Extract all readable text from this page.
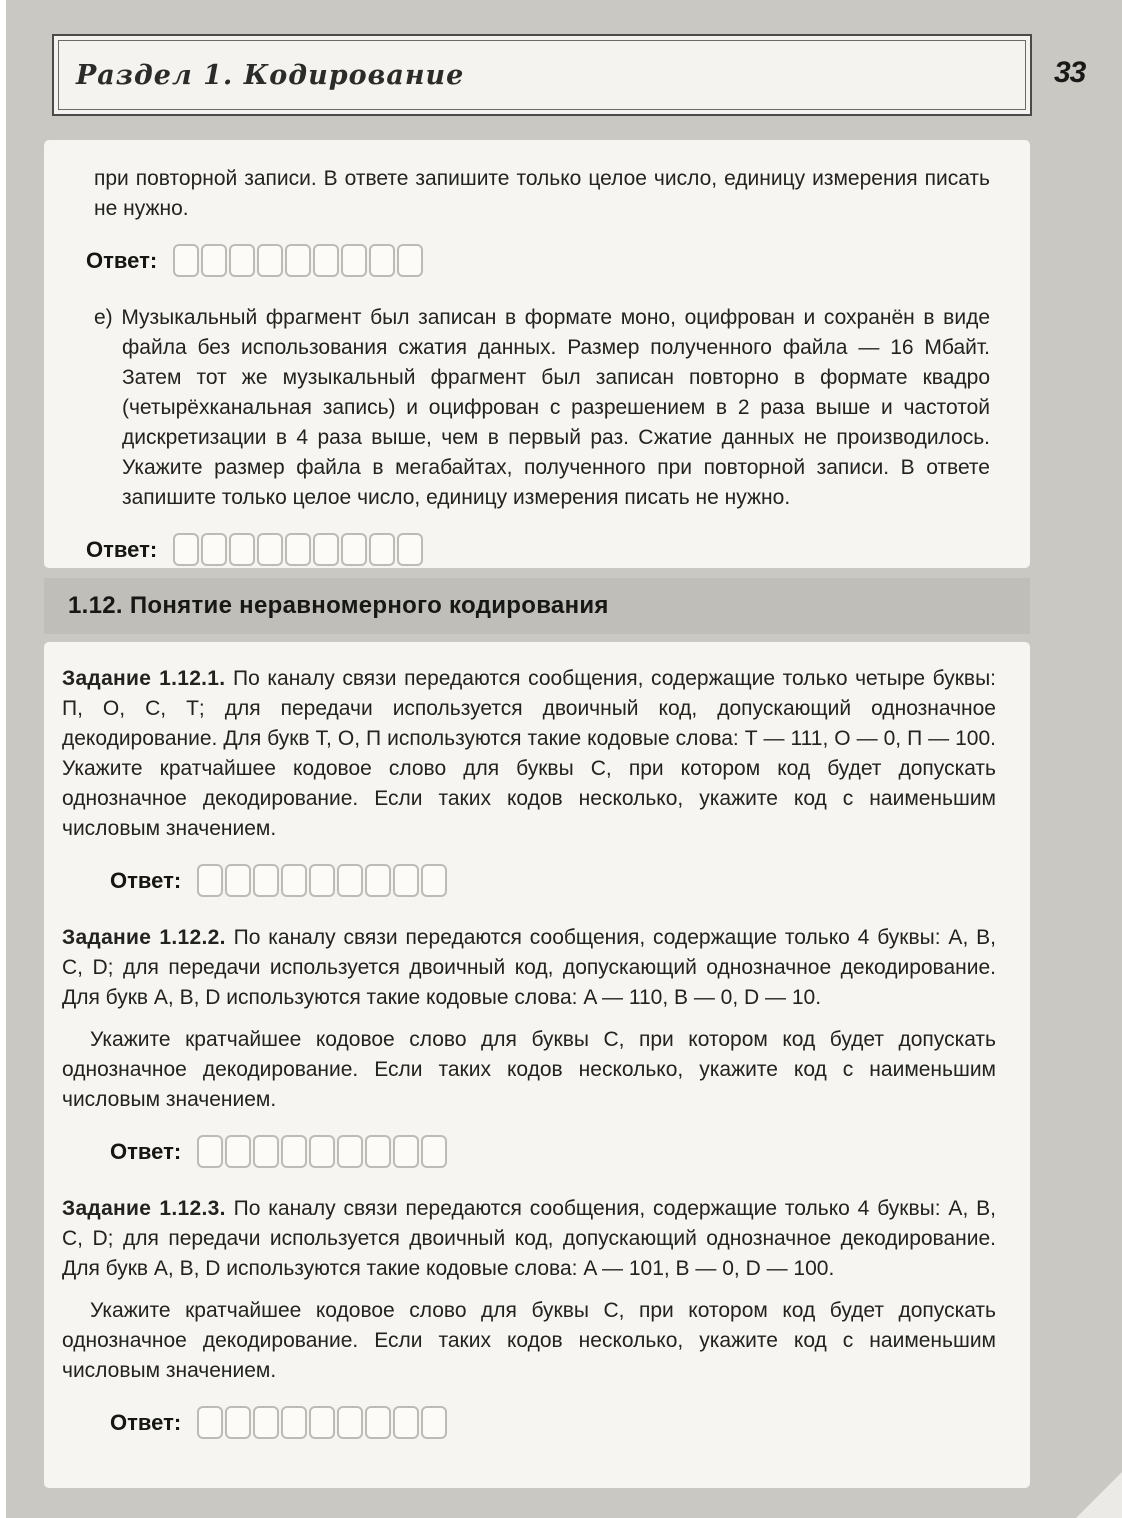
Раздел 1. Кодирование	33

при повторной записи. В ответе запишите только целое число, единицу измерения писать не нужно.

Ответ:

е) Музыкальный фрагмент был записан в формате моно, оцифрован и сохранён в виде файла без использования сжатия данных. Размер полученного файла — 16 Мбайт. Затем тот же музыкальный фрагмент был записан повторно в формате квадро (четырёхканальная запись) и оцифрован с разрешением в 2 раза выше и частотой дискретизации в 4 раза выше, чем в первый раз. Сжатие данных не производилось. Укажите размер файла в мегабайтах, полученного при повторной записи. В ответе запишите только целое число, единицу измерения писать не нужно.

Ответ:
1.12. Понятие неравномерного кодирования

Задание 1.12.1. По каналу связи передаются сообщения, содержащие только четыре буквы: П, О, С, Т; для передачи используется двоичный код, допускающий однозначное декодирование. Для букв Т, О, П используются такие кодовые слова: Т — 111, О — 0, П — 100. Укажите кратчайшее кодовое слово для буквы С, при котором код будет допускать однозначное декодирование. Если таких кодов несколько, укажите код с наименьшим числовым значением.

Ответ:

Задание 1.12.2. По каналу связи передаются сообщения, содержащие только 4 буквы: A, B, C, D; для передачи используется двоичный код, допускающий однозначное декодирование. Для букв A, B, D используются такие кодовые слова: A — 110, B — 0, D — 10.

Укажите кратчайшее кодовое слово для буквы C, при котором код будет допускать однозначное декодирование. Если таких кодов несколько, укажите код с наименьшим числовым значением.

Ответ:

Задание 1.12.3. По каналу связи передаются сообщения, содержащие только 4 буквы: A, B, C, D; для передачи используется двоичный код, допускающий однозначное декодирование. Для букв A, B, D используются такие кодовые слова: A — 101, B — 0, D — 100.

Укажите кратчайшее кодовое слово для буквы C, при котором код будет допускать однозначное декодирование. Если таких кодов несколько, укажите код с наименьшим числовым значением.

Ответ:
